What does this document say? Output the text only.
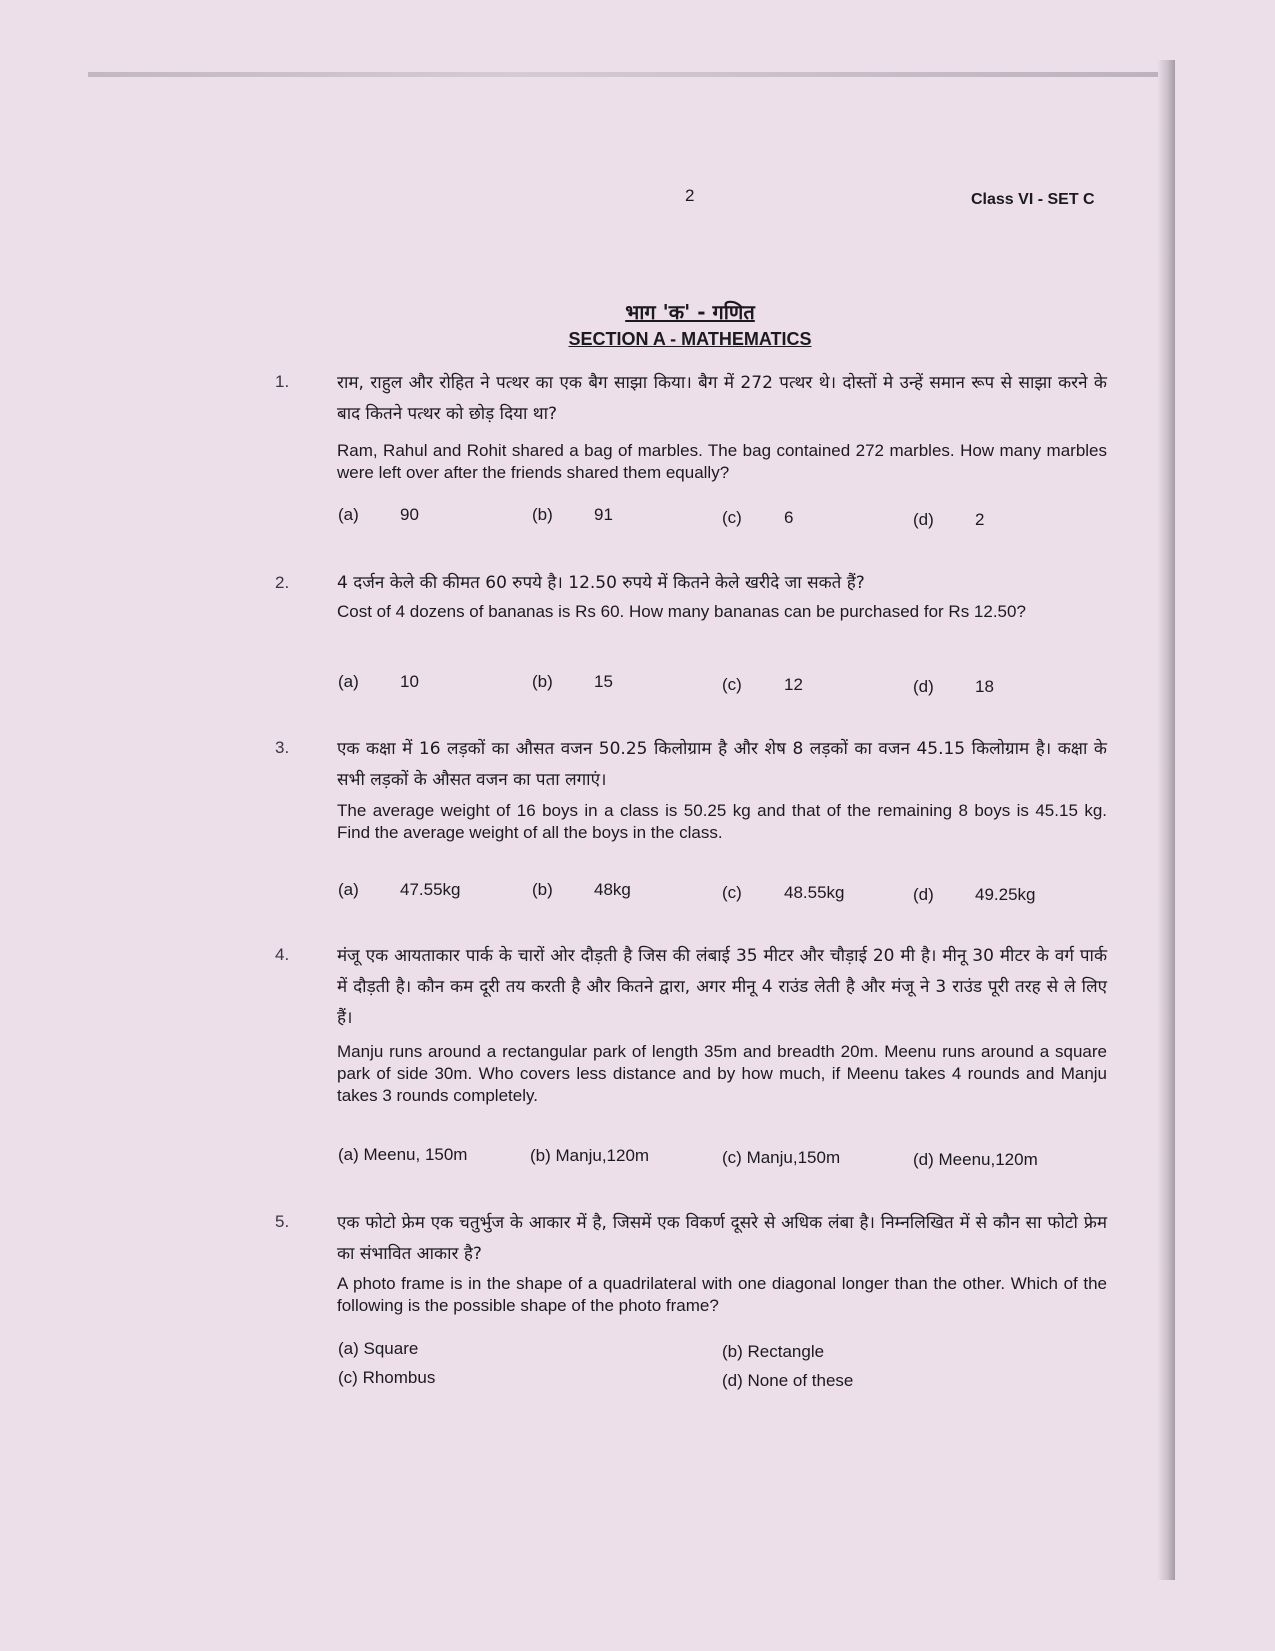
2	Class VI - SET C
भाग 'क' - गणित
SECTION A - MATHEMATICS
1.	राम, राहुल और रोहित ने पत्थर का एक बैग साझा किया। बैग में 272 पत्थर थे। दोस्तों मे उन्हें समान रूप से साझा करने के बाद कितने पत्थर को छोड़ दिया था?
Ram, Rahul and Rohit shared a bag of marbles. The bag contained 272 marbles. How many marbles were left over after the friends shared them equally?
(a) 90	(b) 91	(c) 6	(d) 2
2.	4 दर्जन केले की कीमत 60 रुपये है। 12.50 रुपये में कितने केले खरीदे जा सकते हैं?
Cost of 4 dozens of bananas is Rs 60. How many bananas can be purchased for Rs 12.50?
(a) 10	(b) 15	(c) 12	(d) 18
3.	एक कक्षा में 16 लड़कों का औसत वजन 50.25 किलोग्राम है और शेष 8 लड़कों का वजन 45.15 किलोग्राम है। कक्षा के सभी लड़कों के औसत वजन का पता लगाएं।
The average weight of 16 boys in a class is 50.25 kg and that of the remaining 8 boys is 45.15 kg. Find the average weight of all the boys in the class.
(a) 47.55kg	(b) 48kg	(c) 48.55kg	(d) 49.25kg
4.	मंजू एक आयताकार पार्क के चारों ओर दौड़ती है जिस की लंबाई 35 मीटर और चौड़ाई 20 मी है। मीनू 30 मीटर के वर्ग पार्क में दौड़ती है। कौन कम दूरी तय करती है और कितने द्वारा, अगर मीनू 4 राउंड लेती है और मंजू ने 3 राउंड पूरी तरह से ले लिए हैं।
Manju runs around a rectangular park of length 35m and breadth 20m. Meenu runs around a square park of side 30m. Who covers less distance and by how much, if Meenu takes 4 rounds and Manju takes 3 rounds completely.
(a) Meenu, 150m	(b) Manju,120m	(c) Manju,150m	(d) Meenu,120m
5.	एक फोटो फ्रेम एक चतुर्भुज के आकार में है, जिसमें एक विकर्ण दूसरे से अधिक लंबा है। निम्नलिखित में से कौन सा फोटो फ्रेम का संभावित आकार है?
A photo frame is in the shape of a quadrilateral with one diagonal longer than the other. Which of the following is the possible shape of the photo frame?
(a) Square	(b) Rectangle
(c) Rhombus	(d) None of these
